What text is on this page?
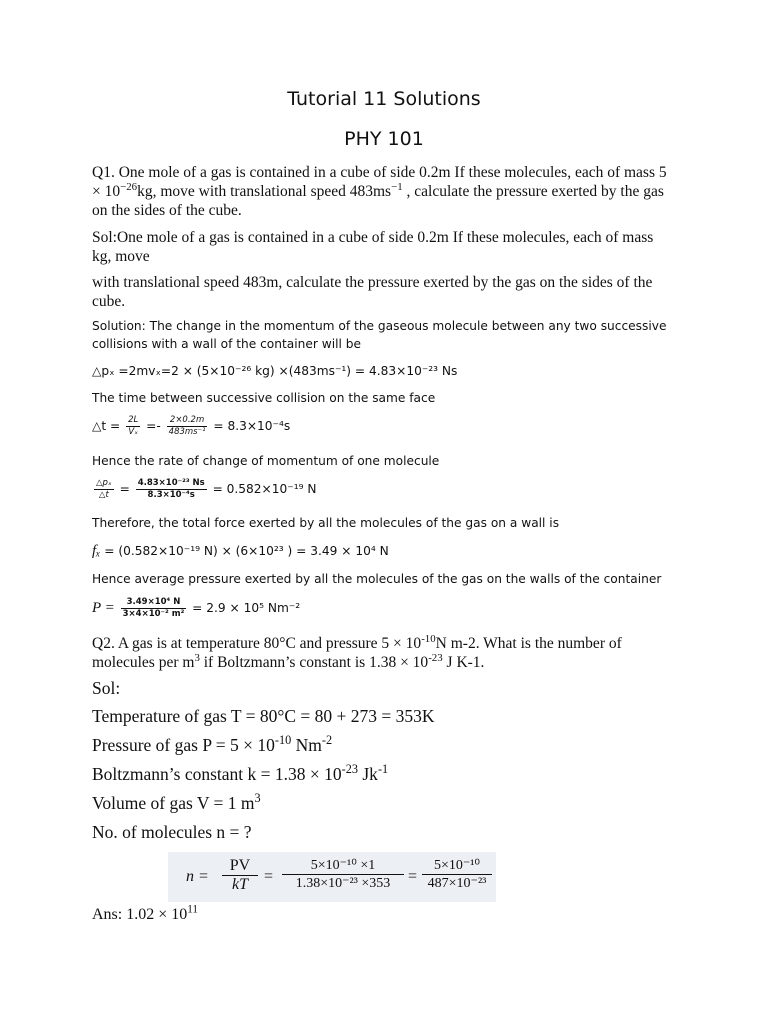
Tutorial 11 Solutions
PHY 101
Q1. One mole of a gas is contained in a cube of side 0.2m If these molecules, each of mass 5
× $10^{-26}kg$, move with translational speed $483ms^{-1}$ , calculate the pressure exerted by the gas
on the sides of the cube.
Sol:One mole of a gas is contained in a cube of side 0.2m If these molecules, each of mass
kg, move
with translational speed 483m, calculate the pressure exerted by the gas on the sides of the
cube.
Solution: The change in the momentum of the gaseous molecule between any two successive
collisions with a wall of the container will be
△pₓ =2mvₓ=2 × (5×10⁻²⁶ kg) ×(483ms⁻¹) = 4.83×10⁻²³ Ns
The time between successive collision on the same face
△t = $\frac{2L}{\text{Vₓ}} =- \frac{2\times 0.2m}{\text{483ms⁻¹}} = 8.3\times 10^{-4}s$
Hence the rate of change of momentum of one molecule
$\frac{\text{△pₓ}}{\triangle t} = \frac{\text{4.83×10⁻²³ Ns}}{\text{8.3×10⁻⁴s}} = 0.582\times 10^{-19}$ N
Therefore, the total force exerted by all the molecules of the gas on a wall is
fₓ = (0.582×10⁻¹⁹ N) × (6×10²³ ) = 3.49 × 10⁴ N
Hence average pressure exerted by all the molecules of the gas on the walls of the container
$P = \frac{\text{3.49×10⁴ N}}{\text{3×4×10⁻² m²}} = 2.9 \times 10^5$ Nm⁻²
Q2. A gas is at temperature 80°C and pressure $5 \times 10^{-10}N$ m-2. What is the number of
molecules per $m^3$ if Boltzmann’s constant is $1.38 \times 10^{-23}$ J K-1.
Sol:
Temperature of gas T = 80°C = 80 + 273 = 353K
Pressure of gas $P = 5 \times 10^{-10}$ $Nm^{-2}$
Boltzmann’s constant $k = 1.38 \times 10^{-23}$ $Jk^{-1}$
Volume of gas V = 1 $m^3$
No. of molecules n = ?
n =
PV
kT	=
5×10⁻¹⁰ ×1
1.38×10⁻²³ ×353	=
5×10⁻¹⁰
487×10⁻²³
Ans: $1.02 \times 10^{11}$
